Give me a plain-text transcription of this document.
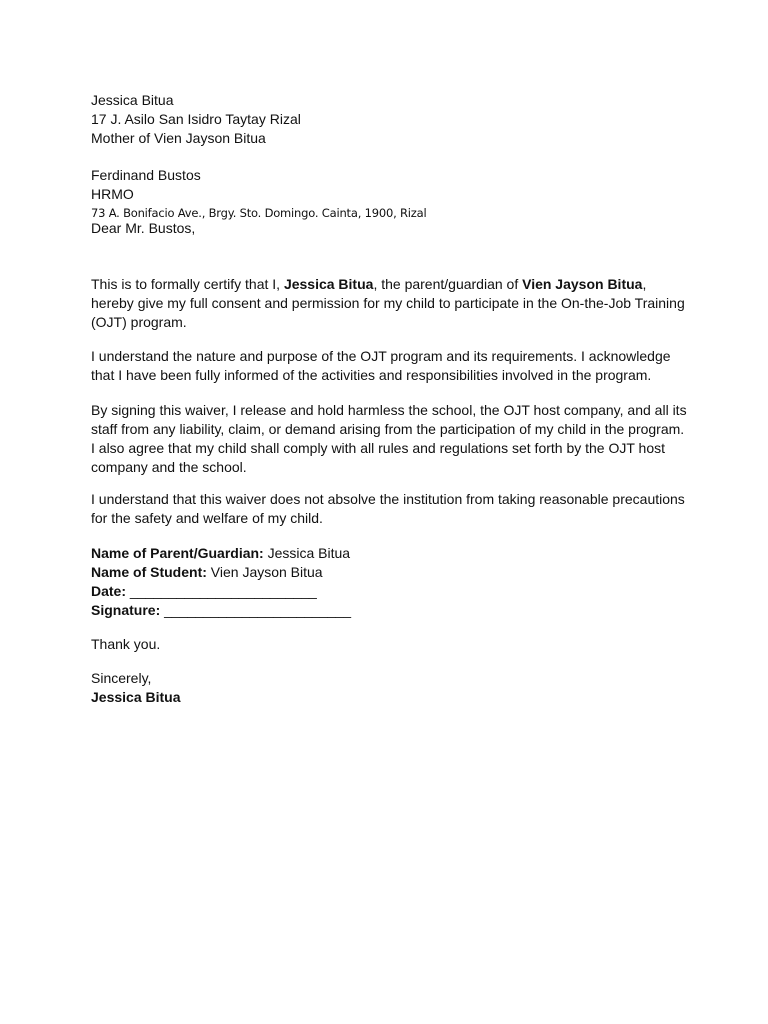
Jessica Bitua
17 J. Asilo San Isidro Taytay Rizal
Mother of Vien Jayson Bitua
Ferdinand Bustos
HRMO
73 A. Bonifacio Ave., Brgy. Sto. Domingo. Cainta, 1900, Rizal
Dear Mr. Bustos,
This is to formally certify that I, Jessica Bitua, the parent/guardian of Vien Jayson Bitua,
hereby give my full consent and permission for my child to participate in the On-the-Job Training
(OJT) program.
I understand the nature and purpose of the OJT program and its requirements. I acknowledge
that I have been fully informed of the activities and responsibilities involved in the program.
By signing this waiver, I release and hold harmless the school, the OJT host company, and all its
staff from any liability, claim, or demand arising from the participation of my child in the program.
I also agree that my child shall comply with all rules and regulations set forth by the OJT host
company and the school.
I understand that this waiver does not absolve the institution from taking reasonable precautions
for the safety and welfare of my child.
Name of Parent/Guardian: Jessica Bitua
Name of Student: Vien Jayson Bitua
Date: ________________________
Signature: ________________________
Thank you.
Sincerely,
Jessica Bitua
